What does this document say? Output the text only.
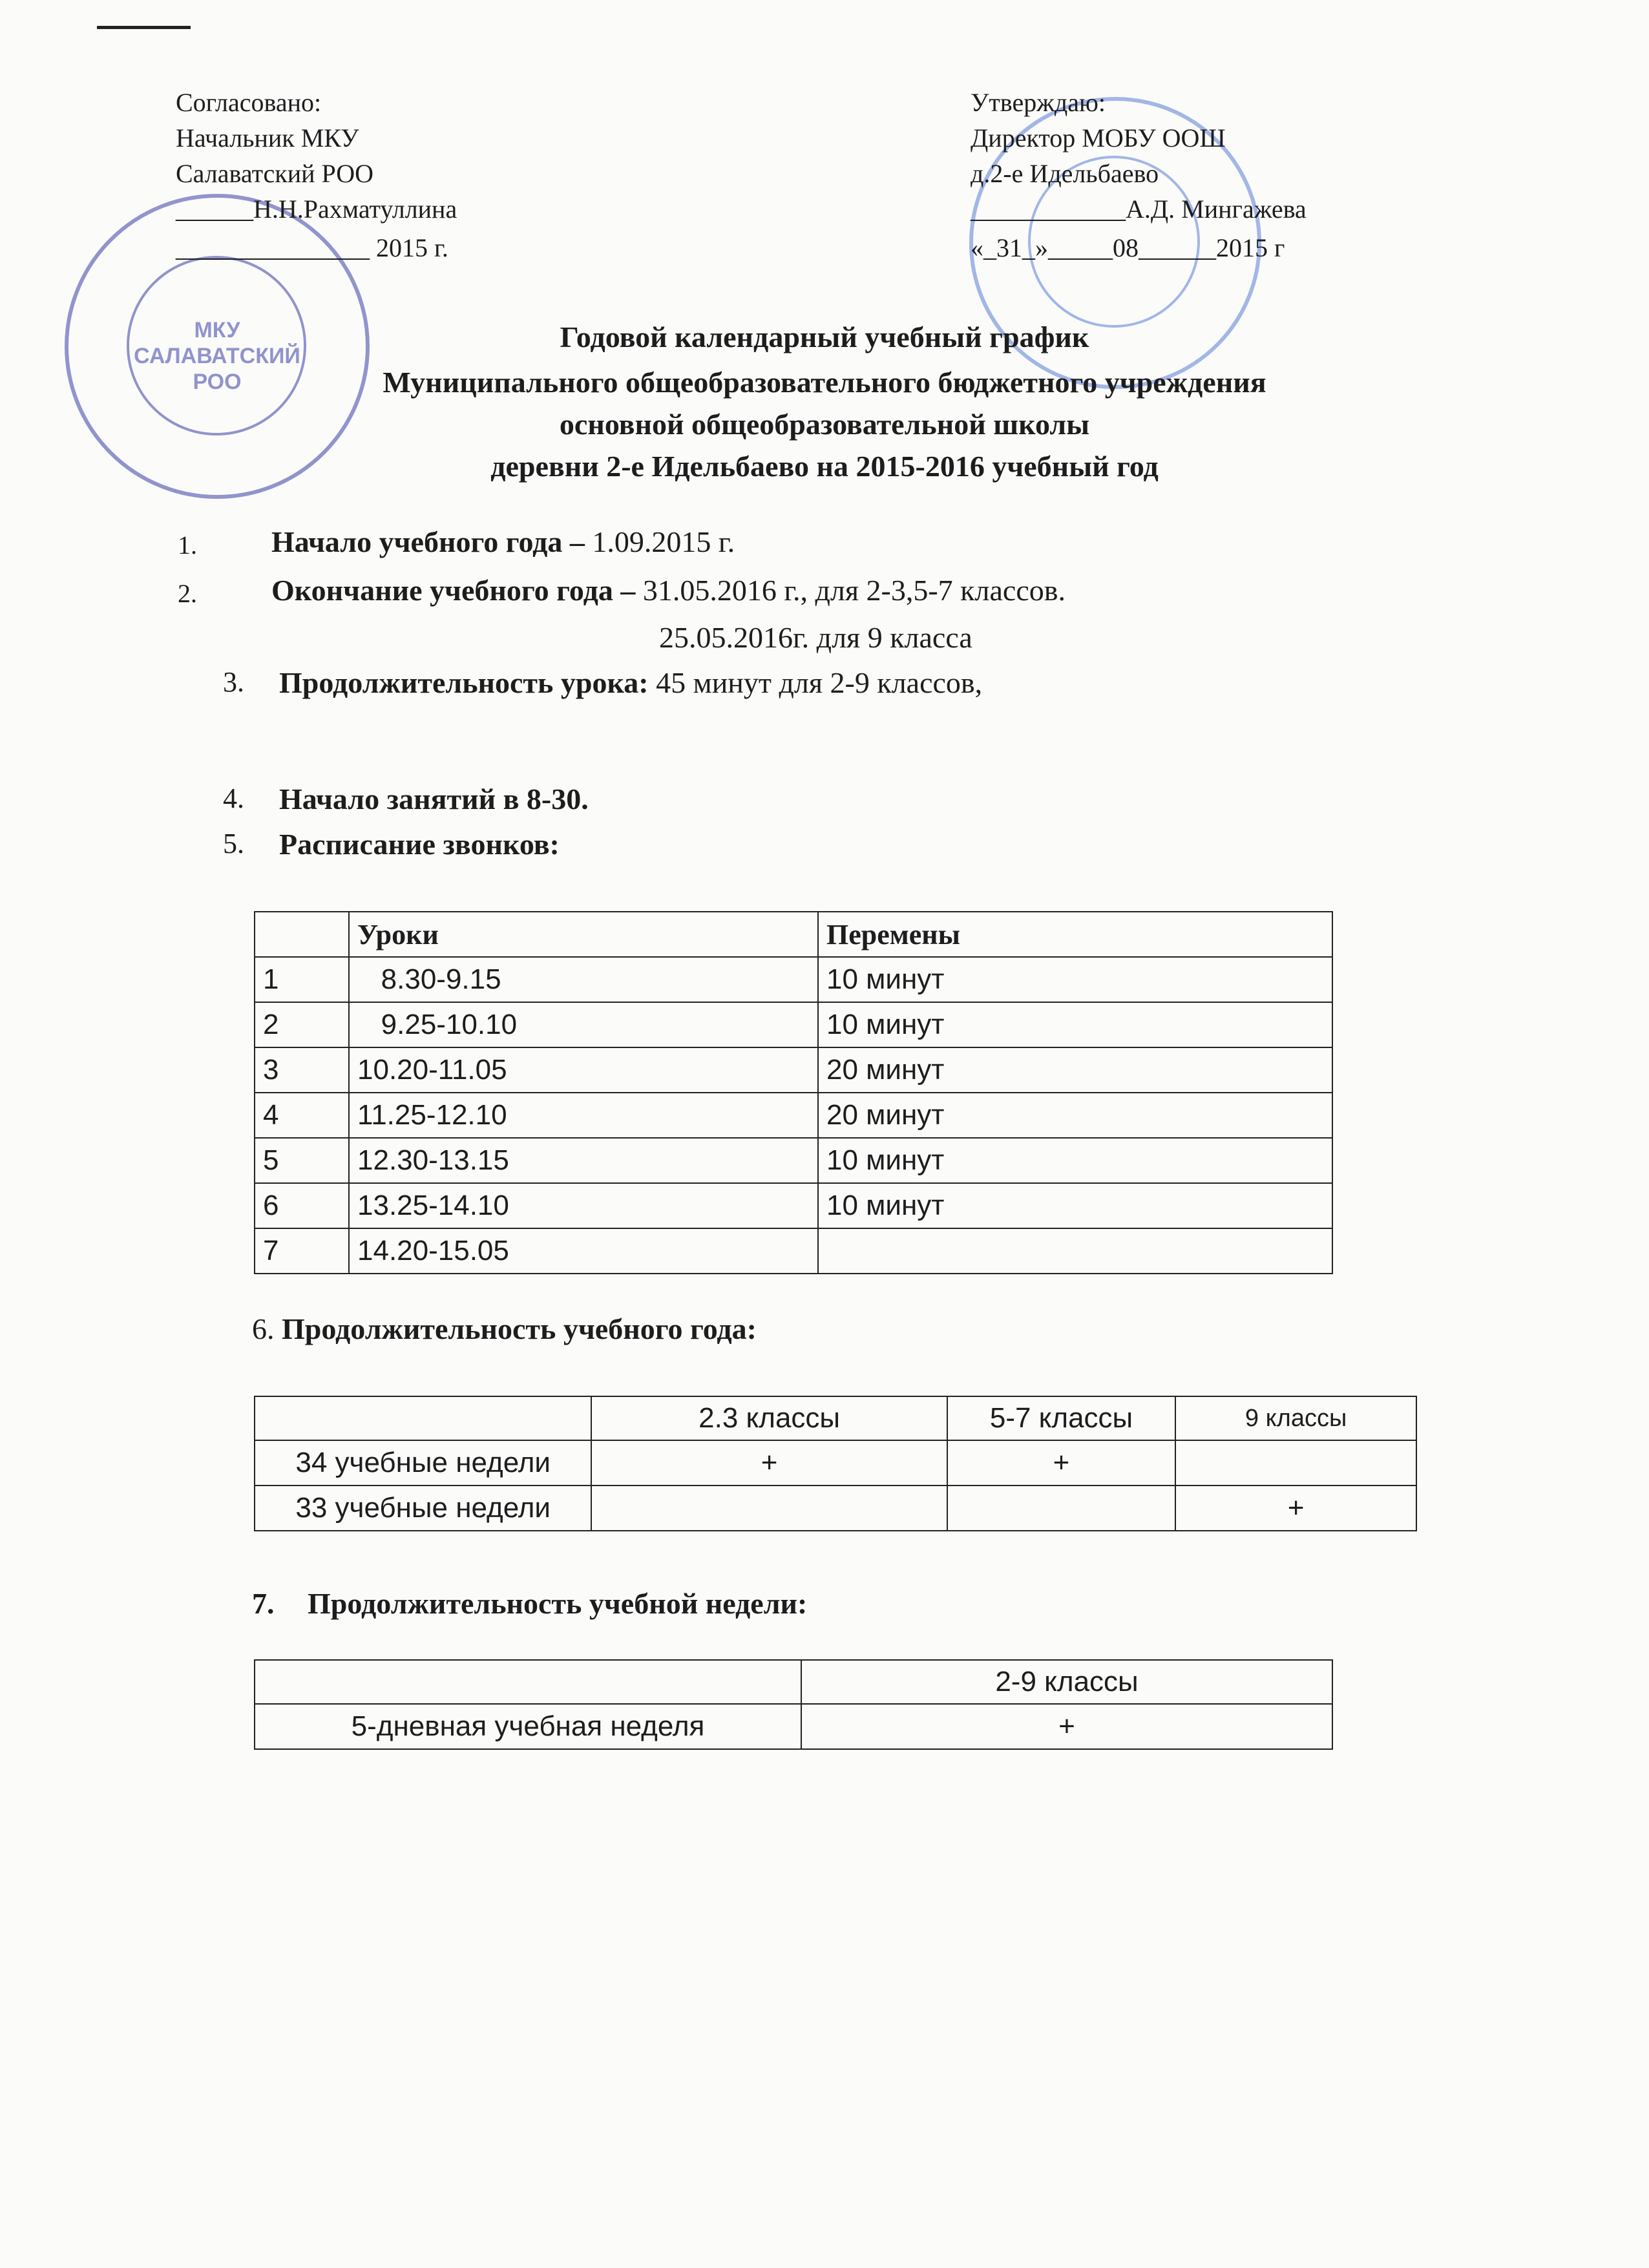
МКУ
САЛАВАТСКИЙ
РОО
Согласовано:
Начальник МКУ
Салаватский РОО
______Н.Н.Рахматуллина
_______________ 2015 г.
Утверждаю:
Директор МОБУ ООШ
д.2-е Идельбаево
____________А.Д. Мингажева
«_31_»_____08______2015 г
Годовой календарный учебный график
Муниципального общеобразовательного бюджетного учреждения
основной общеобразовательной школы
деревни 2-е Идельбаево на 2015-2016 учебный год
1.	Начало учебного года – 1.09.2015 г.
2.	Окончание учебного года – 31.05.2016 г., для 2-3,5-7 классов.
25.05.2016г. для 9 класса
3. Продолжительность урока: 45 минут для 2-9 классов,
4. Начало занятий в 8-30.
5. Расписание звонков:
	Уроки	Перемены
1	8.30-9.15	10 минут
2	9.25-10.10	10 минут
3	10.20-11.05	20 минут
4	11.25-12.10	20 минут
5	12.30-13.15	10 минут
6	13.25-14.10	10 минут
7	14.20-15.05	
6. Продолжительность учебного года:
	2.3 классы	5-7 классы	9 классы
34 учебные недели	+	+	
33 учебные недели			+
7. Продолжительность учебной недели:
	2-9 классы
5-дневная учебная неделя	+
